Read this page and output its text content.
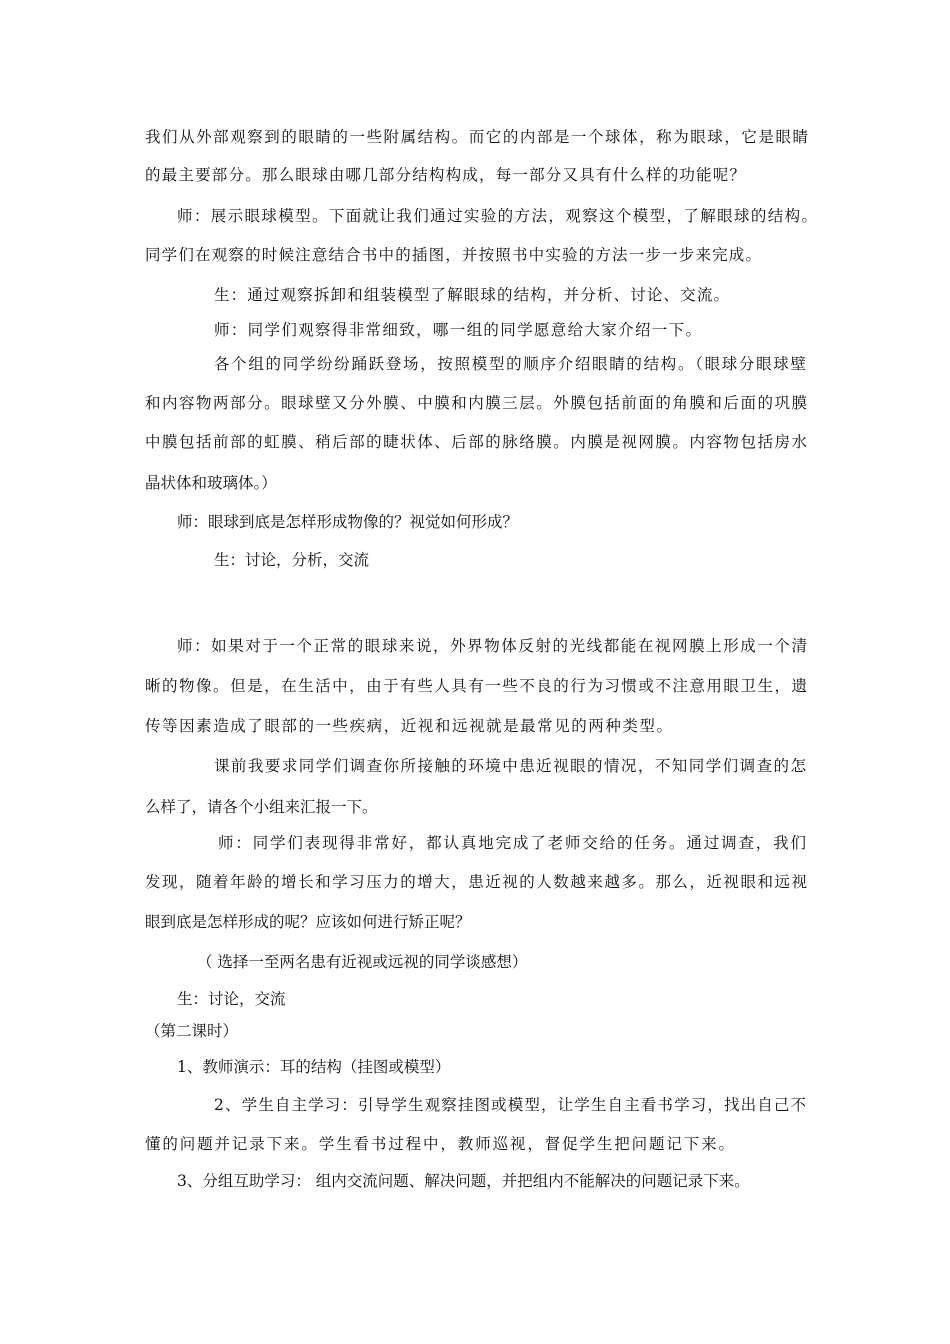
我们从外部观察到的眼睛的一些附属结构。而它的内部是一个球体，称为眼球，它是眼睛
的最主要部分。那么眼球由哪几部分结构构成，每一部分又具有什么样的功能呢？
师：展示眼球模型。下面就让我们通过实验的方法，观察这个模型，了解眼球的结构。
同学们在观察的时候注意结合书中的插图，并按照书中实验的方法一步一步来完成。
生：通过观察拆卸和组装模型了解眼球的结构，并分析、讨论、交流。
师：同学们观察得非常细致，哪一组的同学愿意给大家介绍一下。
各个组的同学纷纷踊跃登场，按照模型的顺序介绍眼睛的结构。（眼球分眼球壁
和内容物两部分。眼球壁又分外膜、中膜和内膜三层。外膜包括前面的角膜和后面的巩膜
中膜包括前部的虹膜、稍后部的睫状体、后部的脉络膜。内膜是视网膜。内容物包括房水
晶状体和玻璃体。）
师：眼球到底是怎样形成物像的？视觉如何形成？
生：讨论，分析，交流
师：如果对于一个正常的眼球来说，外界物体反射的光线都能在视网膜上形成一个清
晰的物像。但是，在生活中，由于有些人具有一些不良的行为习惯或不注意用眼卫生，遗
传等因素造成了眼部的一些疾病，近视和远视就是最常见的两种类型。
课前我要求同学们调查你所接触的环境中患近视眼的情况，不知同学们调查的怎
么样了，请各个小组来汇报一下。
师：同学们表现得非常好，都认真地完成了老师交给的任务。通过调查，我们
发现，随着年龄的增长和学习压力的增大，患近视的人数越来越多。那么，近视眼和远视
眼到底是怎样形成的呢？应该如何进行矫正呢？
（ 选择一至两名患有近视或远视的同学谈感想）
生：讨论，交流
（第二课时）
1、教师演示：耳的结构（挂图或模型）
2、学生自主学习：引导学生观察挂图或模型，让学生自主看书学习，找出自己不
懂的问题并记录下来。学生看书过程中，教师巡视，督促学生把问题记下来。
3、分组互助学习： 组内交流问题、解决问题，并把组内不能解决的问题记录下来。
